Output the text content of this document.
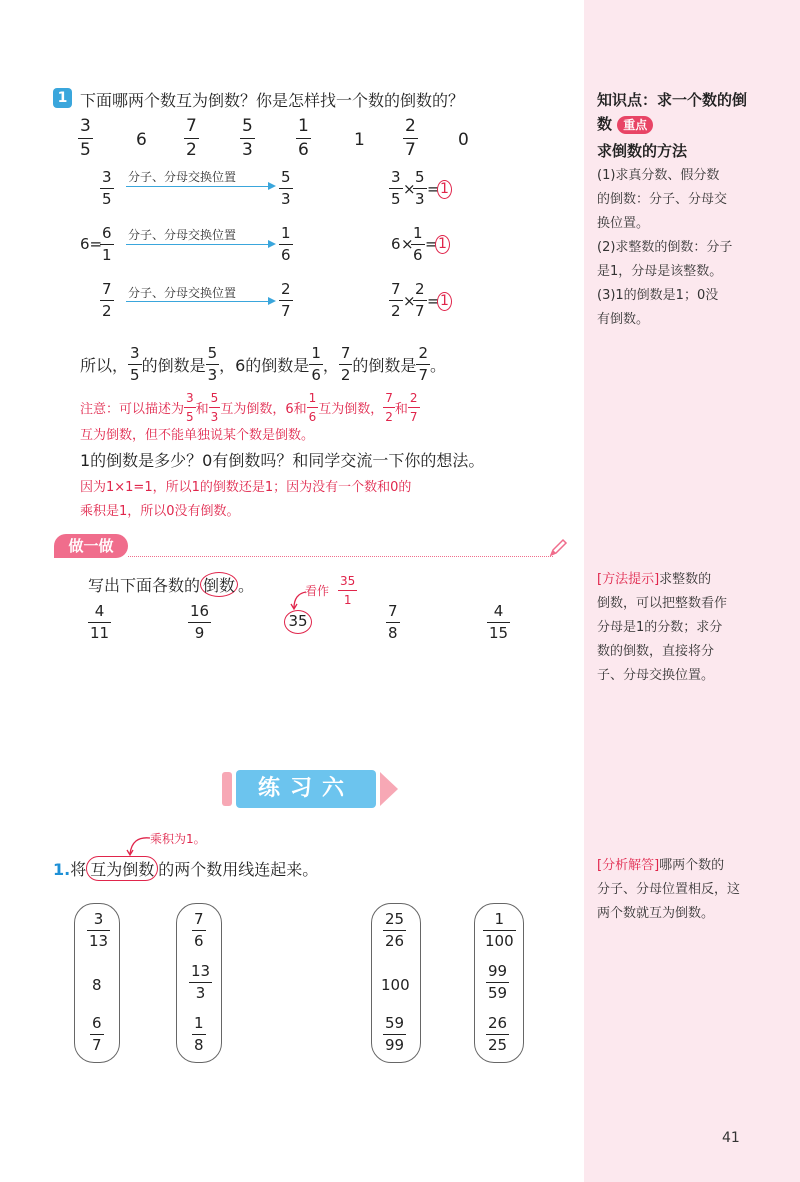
1 下面哪两个数互为倒数？你是怎样找一个数的倒数的？
3
5	6
7
2
5
3
1
6	1
2
7 0
3
5
分子、分母交换位置	5
3
3
5
×
5
3
= 1
6=
6
1
分子、分母交换位置	1
6
6 ×
1
6
= 1
7
2
分子、分母交换位置	2
7
7
2
×
2
7
= 1
所以， $\frac{3}{5}$ 的倒数是 $\frac{5}{3}$ ，6的倒数是 $\frac{1}{6}$ ， $\frac{7}{2}$ 的倒数是 $\frac{2}{7}$ 。
注意：可以描述为 $\frac{3}{5}$ 和 $\frac{5}{3}$ 互为倒数，6和 $\frac{1}{6}$ 互为倒数， $\frac{7}{2}$ 和 $\frac{2}{7}$
互为倒数，但不能单独说某个数是倒数。
1的倒数是多少？0有倒数吗？和同学交流一下你的想法。
因为1×1=1，所以1的倒数还是1；因为没有一个数和0的
乘积是1，所以0没有倒数。
做一做
写出下面各数的 倒数 。	看作
35
1
4
11
16
9
35
7
8
4
15
练习六
乘积为1。
1.将 互为倒数 的两个数用线连起来。
3
13
8
6
7
7
6
13
3
1
8
25
26
100
59
99
1
100
99
59
26
25
知识点：求一个数的倒
数 重点
求倒数的方法
(1)求真分数、假分数
的倒数：分子、分母交
换位置。
(2)求整数的倒数：分子
是1，分母是该整数。
(3)1的倒数是1；0没
有倒数。
[方法提示]求整数的
倒数，可以把整数看作
分母是1的分数；求分
数的倒数，直接将分
子、分母交换位置。
[分析解答]哪两个数的
分子、分母位置相反，这
两个数就互为倒数。
41
